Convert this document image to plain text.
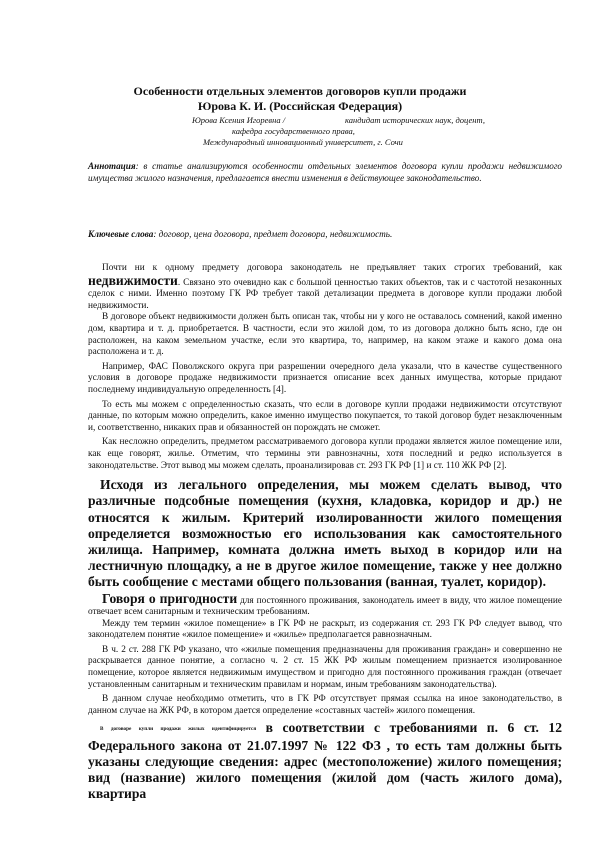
Особенности отдельных элементов договоров купли продажи
Юрова К. И. (Российская Федерация)
Юрова Ксения Игоревна /	кандидат исторических наук, доцент,
кафедра государственного права,
Международный инновационный университет, г. Сочи
Аннотация: в статье анализируются особенности отдельных элементов договора купли продажи недвижимого имущества жилого назначения, предлагается внести изменения в действующее законодательство.
Ключевые слова: договор, цена договора, предмет договора, недвижимость.

Почти ни к одному предмету договора законодатель не предъявляет таких строгих требований, как недвижимости. Связано это очевидно как с большой ценностью таких объектов, так и с частотой незаконных сделок с ними. Именно поэтому ГК РФ требует такой детализации предмета в договоре купли продажи любой недвижимости.

В договоре объект недвижимости должен быть описан так, чтобы ни у кого не оставалось сомнений, какой именно дом, квартира и т. д. приобретается. В частности, если это жилой дом, то из договора должно быть ясно, где он расположен, на каком земельном участке, если это квартира, то, например, на каком этаже и какого дома она расположена и т. д.

Например, ФАС Поволжского округа при разрешении очередного дела указали, что в качестве существенного условия в договоре продаже недвижимости признается описание всех данных имущества, которые придают последнему индивидуальную определенность [4].

То есть мы можем с определенностью сказать, что если в договоре купли продажи недвижимости отсутствуют данные, по которым можно определить, какое именно имущество покупается, то такой договор будет незаключенным и, соответственно, никаких прав и обязанностей он порождать не сможет.

Как несложно определить, предметом рассматриваемого договора купли продажи является жилое помещение или, как еще говорят, жилье. Отметим, что термины эти равнозначны, хотя последний и редко используется в законодательстве. Этот вывод мы можем сделать, проанализировав ст. 293 ГК РФ [1] и ст. 110 ЖК РФ [2].

Исходя из легального определения, мы можем сделать вывод, что различные подсобные помещения (кухня, кладовка, коридор и др.) не относятся к жилым. Критерий изолированности жилого помещения определяется возможностью его использования как самостоятельного жилища. Например, комната должна иметь выход в коридор или на лестничную площадку, а не в другое жилое помещение, также у нее должно быть сообщение с местами общего пользования (ванная, туалет, коридор).

Говоря о пригодности для постоянного проживания, законодатель имеет в виду, что жилое помещение отвечает всем санитарным и техническим требованиям.

Между тем термин «жилое помещение» в ГК РФ не раскрыт, из содержания ст. 293 ГК РФ следует вывод, что законодателем понятие «жилое помещение» и «жилье» предполагается равнозначным.

В ч. 2 ст. 288 ГК РФ указано, что «жилые помещения предназначены для проживания граждан» и совершенно не раскрывается данное понятие, а согласно ч. 2 ст. 15 ЖК РФ жилым помещением признается изолированное помещение, которое является недвижимым имуществом и пригодно для постоянного проживания граждан (отвечает установленным санитарным и техническим правилам и нормам, иным требованиям законодательства).

В данном случае необходимо отметить, что в ГК РФ отсутствует прямая ссылка на иное законодательство, в данном случае на ЖК РФ, в котором дается определение «составных частей» жилого помещения.

В договоре купли продажи жилых идентифицируется в соответствии с требованиями п. 6 ст. 12 Федерального закона от 21.07.1997 № 122 ФЗ , то есть там должны быть указаны следующие сведения: адрес (местоположение) жилого помещения; вид (название) жилого помещения (жилой дом (часть жилого дома), квартира
